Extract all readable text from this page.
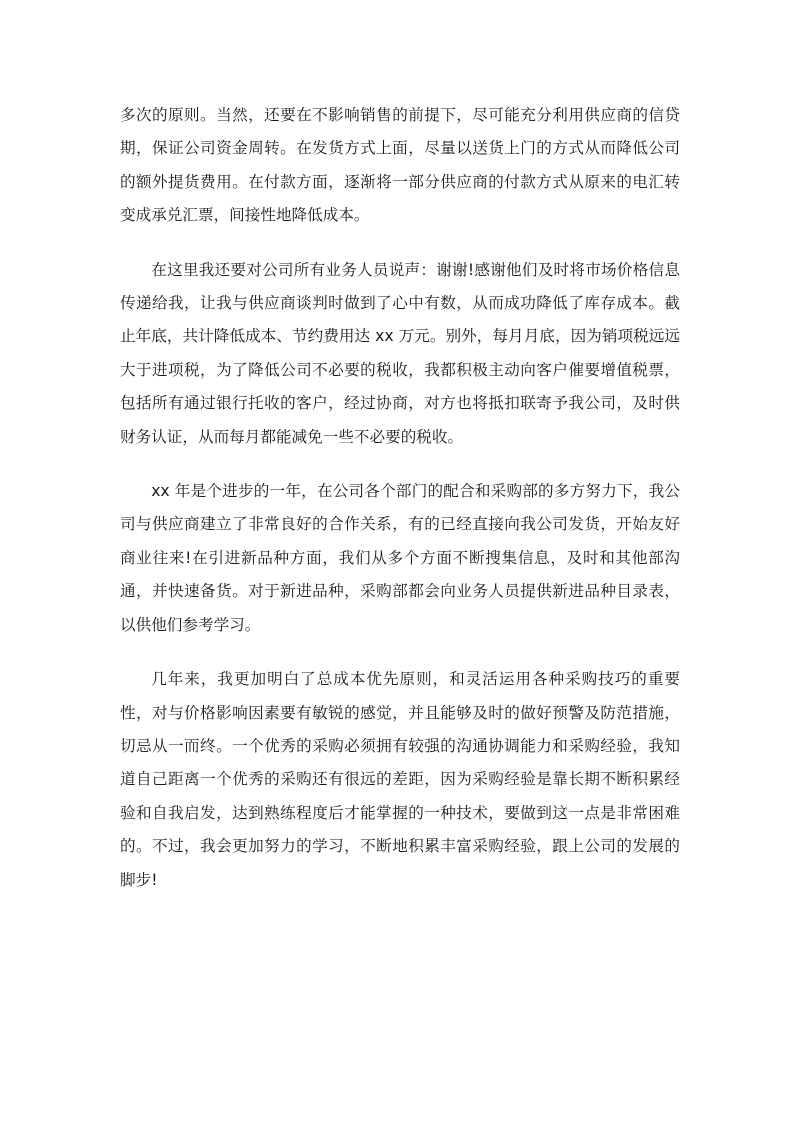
多次的原则。当然，还要在不影响销售的前提下，尽可能充分利用供应商的信贷期，保证公司资金周转。在发货方式上面，尽量以送货上门的方式从而降低公司的额外提货费用。在付款方面，逐渐将一部分供应商的付款方式从原来的电汇转变成承兑汇票，间接性地降低成本。

在这里我还要对公司所有业务人员说声：谢谢!感谢他们及时将市场价格信息传递给我，让我与供应商谈判时做到了心中有数，从而成功降低了库存成本。截止年底，共计降低成本、节约费用达 xx 万元。别外，每月月底，因为销项税远远大于进项税，为了降低公司不必要的税收，我都积极主动向客户催要增值税票，包括所有通过银行托收的客户，经过协商，对方也将抵扣联寄予我公司，及时供财务认证，从而每月都能减免一些不必要的税收。

xx 年是个进步的一年，在公司各个部门的配合和采购部的多方努力下，我公司与供应商建立了非常良好的合作关系，有的已经直接向我公司发货，开始友好商业往来!在引进新品种方面，我们从多个方面不断搜集信息，及时和其他部沟通，并快速备货。对于新进品种，采购部都会向业务人员提供新进品种目录表，以供他们参考学习。

几年来，我更加明白了总成本优先原则，和灵活运用各种采购技巧的重要性，对与价格影响因素要有敏锐的感觉，并且能够及时的做好预警及防范措施，切忌从一而终。一个优秀的采购必须拥有较强的沟通协调能力和采购经验，我知道自己距离一个优秀的采购还有很远的差距，因为采购经验是靠长期不断积累经验和自我启发，达到熟练程度后才能掌握的一种技术，要做到这一点是非常困难的。不过，我会更加努力的学习，不断地积累丰富采购经验，跟上公司的发展的脚步!
